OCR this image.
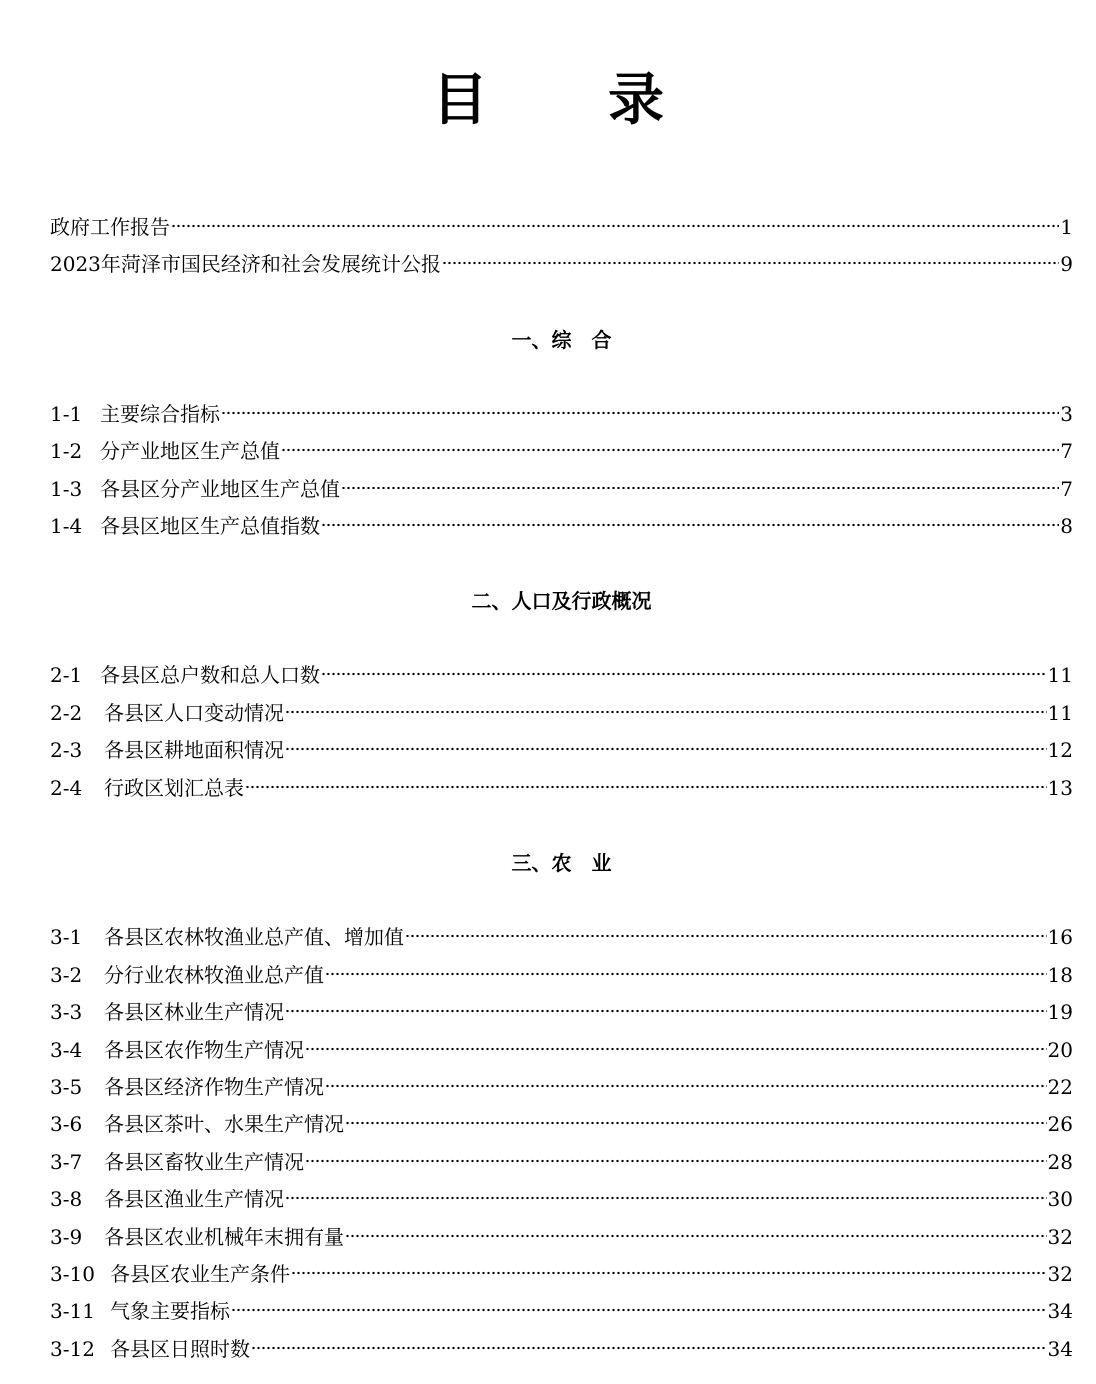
目　录
政府工作报告	1
2023年菏泽市国民经济和社会发展统计公报	9
一、综　合
1-1 主要综合指标	3
1-2 分产业地区生产总值	7
1-3 各县区分产业地区生产总值	7
1-4 各县区地区生产总值指数	8
二、人口及行政概况
2-1 各县区总户数和总人口数	11
2-2	各县区人口变动情况	11
2-3	各县区耕地面积情况	12
2-4	行政区划汇总表	13
三、农　业
3-1	各县区农林牧渔业总产值、增加值	16
3-2	分行业农林牧渔业总产值	18
3-3	各县区林业生产情况	19
3-4	各县区农作物生产情况	20
3-5	各县区经济作物生产情况	22
3-6	各县区茶叶、水果生产情况	26
3-7	各县区畜牧业生产情况	28
3-8	各县区渔业生产情况	30
3-9	各县区农业机械年末拥有量	32
3-10 各县区农业生产条件	32
3-11 气象主要指标	34
3-12 各县区日照时数	34
